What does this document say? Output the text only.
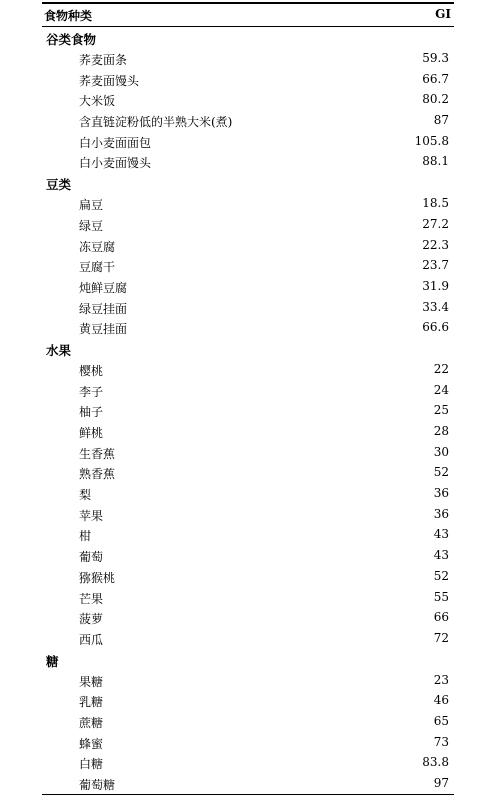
食物种类	GI
谷类食物
荞麦面条	59.3
荞麦面馒头	66.7
大米饭	80.2
含直链淀粉低的半熟大米(煮)	87
白小麦面面包	105.8
白小麦面馒头	88.1
豆类
扁豆	18.5
绿豆	27.2
冻豆腐	22.3
豆腐干	23.7
炖鲜豆腐	31.9
绿豆挂面	33.4
黄豆挂面	66.6
水果
樱桃	22
李子	24
柚子	25
鲜桃	28
生香蕉	30
熟香蕉	52
梨	36
苹果	36
柑	43
葡萄	43
猕猴桃	52
芒果	55
菠萝	66
西瓜	72
糖
果糖	23
乳糖	46
蔗糖	65
蜂蜜	73
白糖	83.8
葡萄糖	97
